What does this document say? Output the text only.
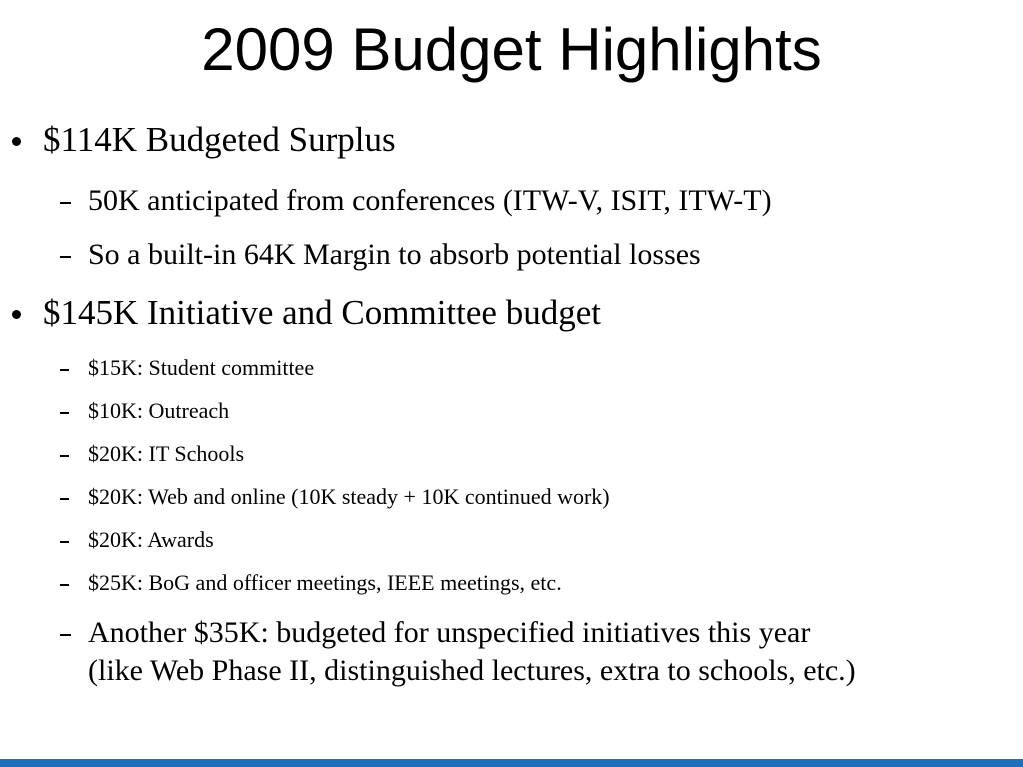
2009 Budget Highlights
$114K Budgeted Surplus
50K anticipated from conferences (ITW-V, ISIT, ITW-T)
So a built-in 64K Margin to absorb potential losses
$145K Initiative and Committee budget
$15K: Student committee
$10K: Outreach
$20K: IT Schools
$20K: Web and online (10K steady + 10K continued work)
$20K: Awards
$25K: BoG and officer meetings, IEEE meetings, etc.
Another $35K: budgeted for unspecified initiatives this year
(like Web Phase II, distinguished lectures, extra to schools, etc.)
